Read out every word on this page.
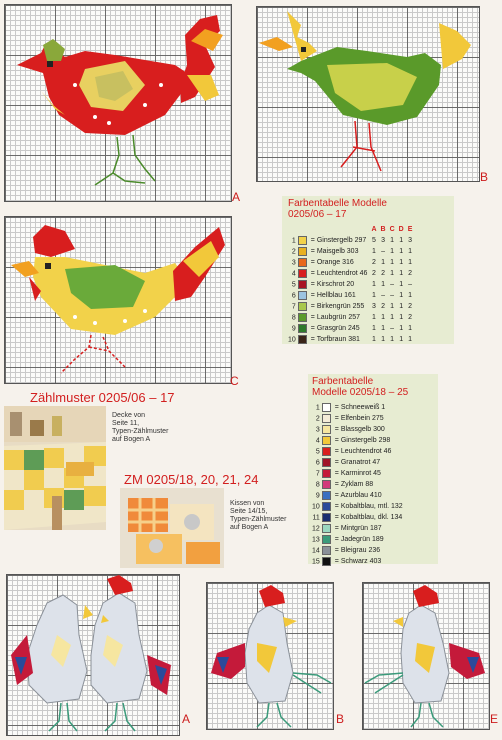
A
B
Farbentabelle Modelle
0205/06 – 17
		A	B	C	D	E
1	= Ginstergelb 297	5	3	1	1	3
2	= Maisgelb 303	1	–	1	1	1
3	= Orange 316	2	1	1	1	1
4	= Leuchtendrot 46	2	2	1	1	2
5	= Kirschrot 20	1	1	–	1	–
6	= Hellblau 161	1	–	–	1	1
7	= Birkengrün 255	3	2	1	1	2
8	= Laubgrün 257	1	1	1	1	2
9	= Grasgrün 245	1	1	–	1	1
10	= Torfbraun 381	1	1	1	1	1
C
Zählmuster 0205/06 – 17
Decke von
Seite 11,
Typen-Zählmuster
auf Bogen A
ZM 0205/18, 20, 21, 24
Kissen von
Seite 14/15,
Typen-Zählmuster
auf Bogen A
Farbentabelle
Modelle 0205/18 – 25
1	= Schneeweiß 1
2	= Elfenbein 275
3	= Blassgelb 300
4	= Ginstergelb 298
5	= Leuchtendrot 46
6	= Granatrot 47
7	= Karminrot 45
8	= Zyklam 88
9	= Azurblau 410
10	= Kobaltblau, mtl. 132
11	= Kobaltblau, dkl. 134
12	= Mintgrün 187
13	= Jadegrün 189
14	= Bleigrau 236
15	= Schwarz 403
A	B	E
